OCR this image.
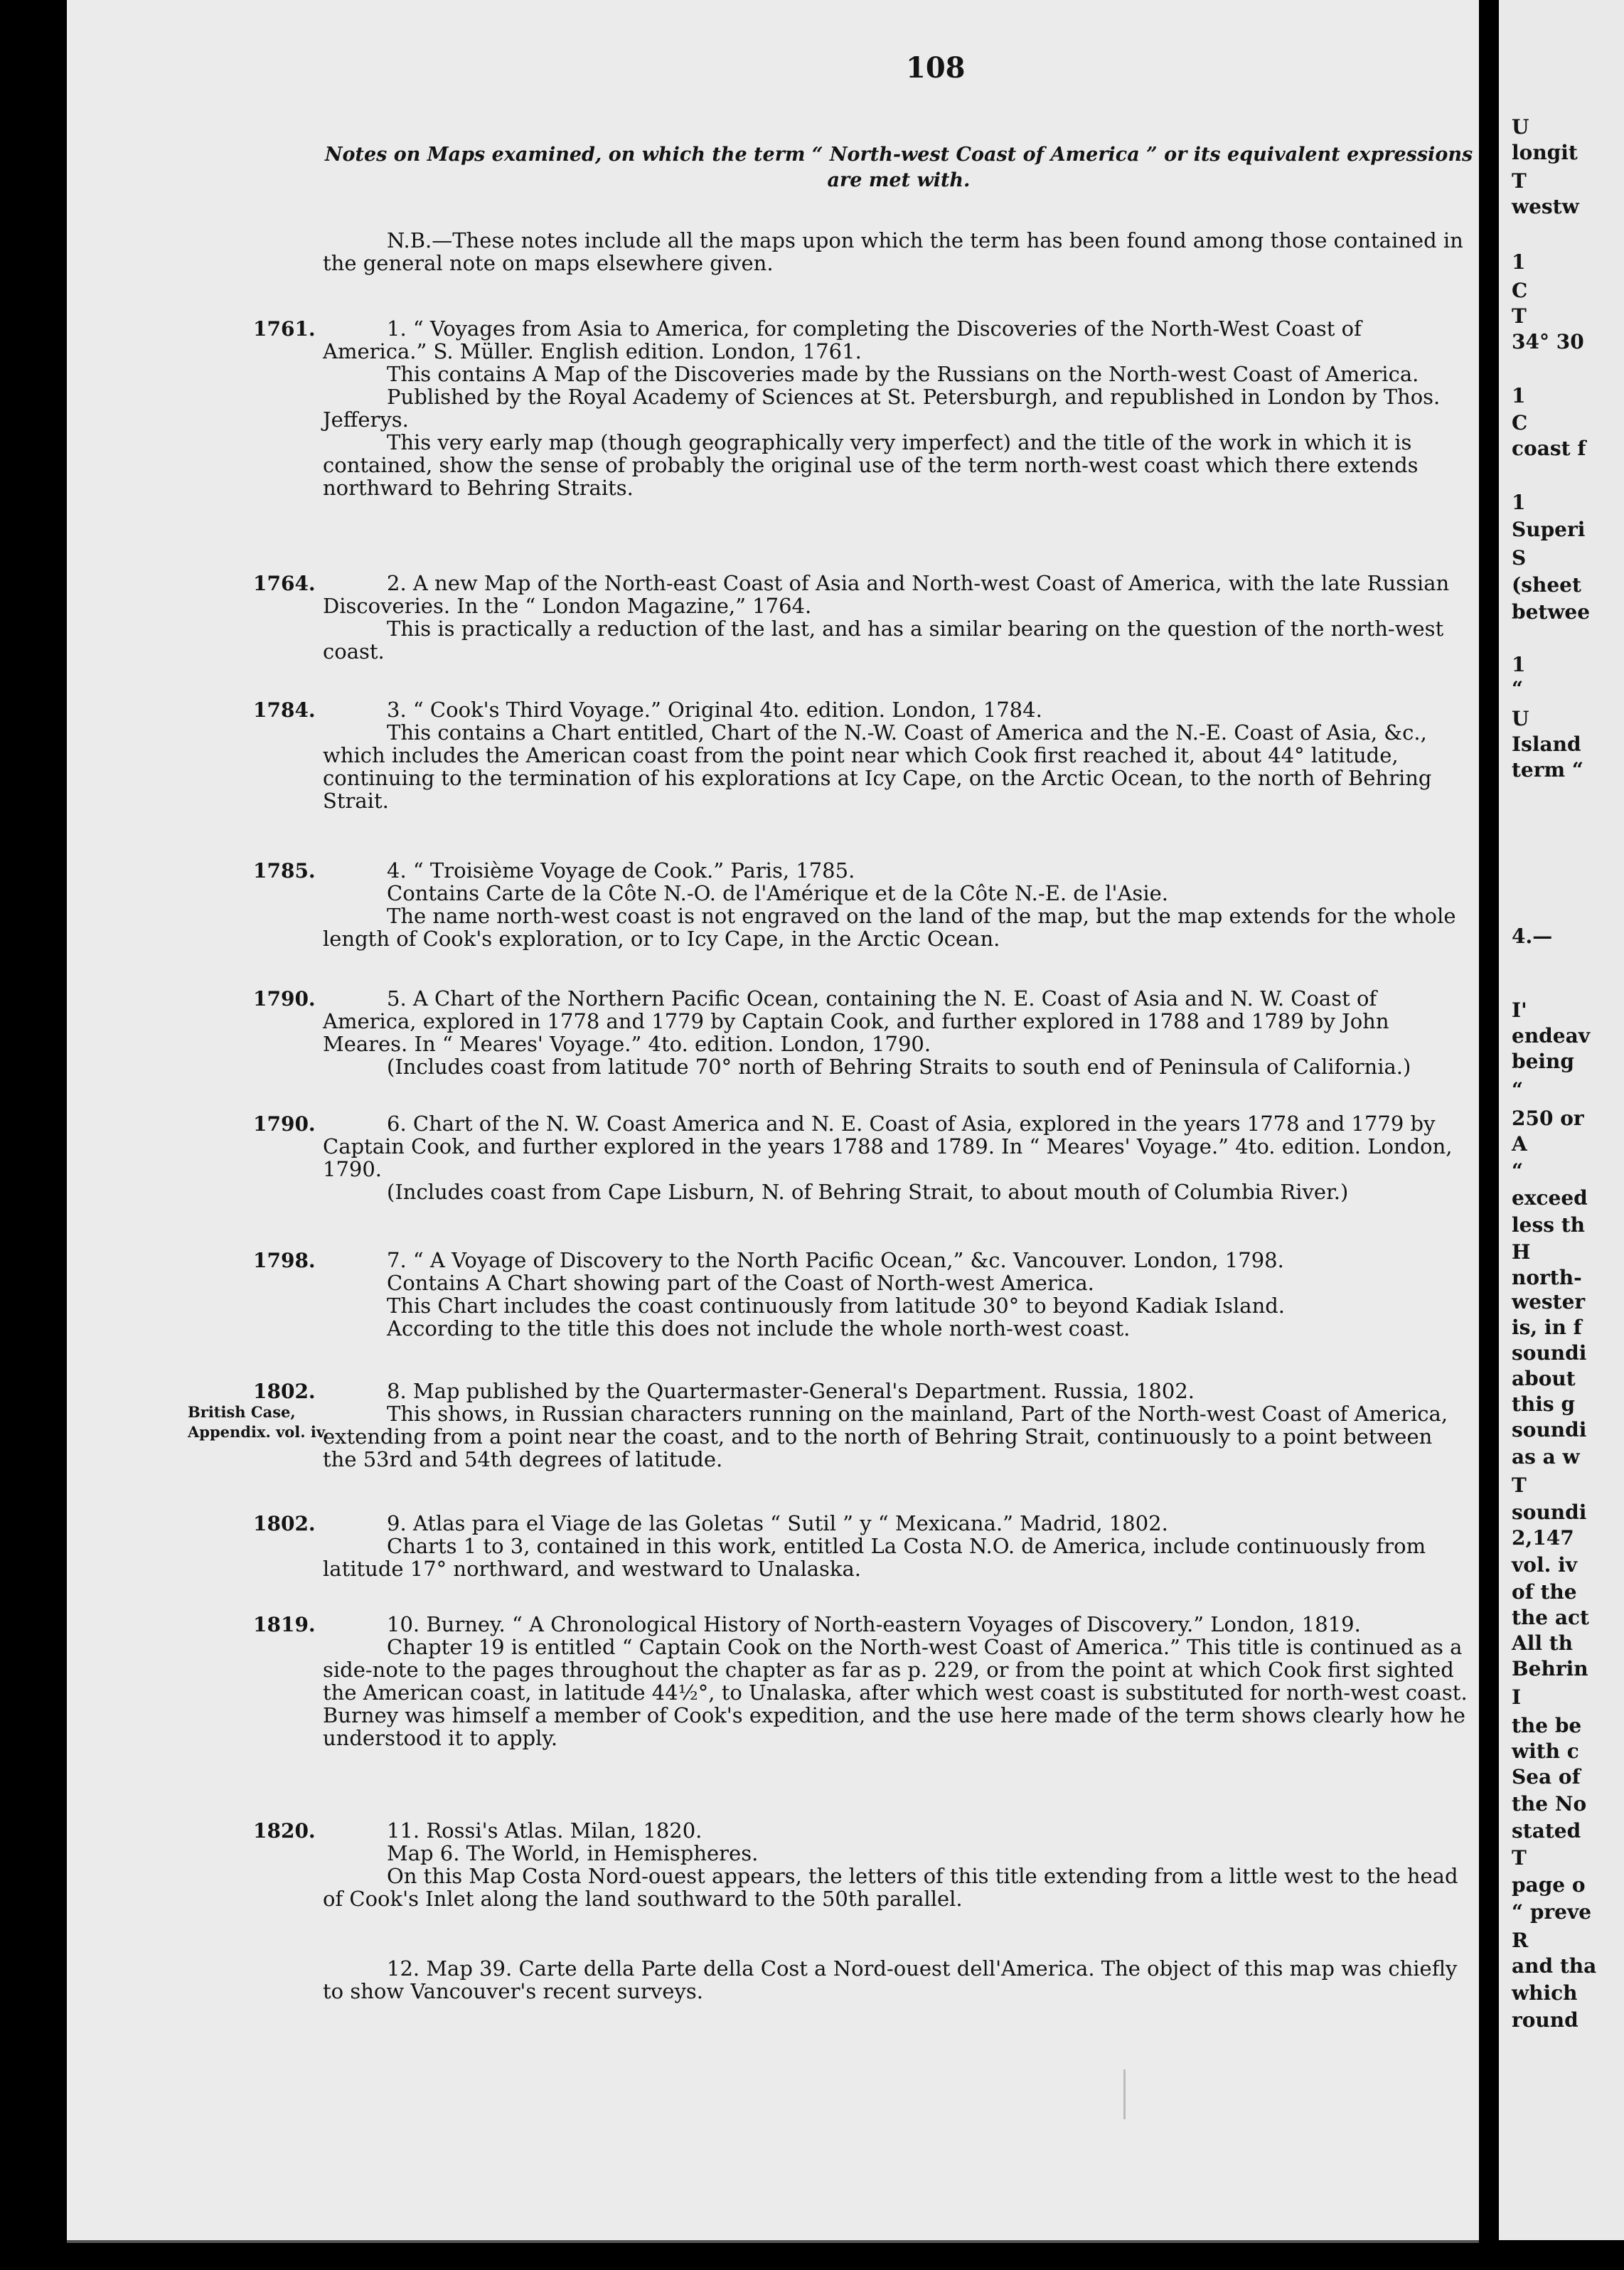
108
Notes on Maps examined, on which the term “ North-west Coast of America ” or its equivalent expressions are met with.
N.B.—These notes include all the maps upon which the term has been found among those contained in the general note on maps elsewhere given.
British Case, Appendix. vol. iv.
1761.	1. “ Voyages from Asia to America, for completing the Discoveries of the North-West Coast of America.” S. Müller. English edition. London, 1761.

This contains A Map of the Discoveries made by the Russians on the North-west Coast of America.

Published by the Royal Academy of Sciences at St. Petersburgh, and republished in London by Thos. Jefferys.

This very early map (though geographically very imperfect) and the title of the work in which it is contained, show the sense of probably the original use of the term north-west coast which there extends northward to Behring Straits.

1764.	2. A new Map of the North-east Coast of Asia and North-west Coast of America, with the late Russian Discoveries. In the “ London Magazine,” 1764.

This is practically a reduction of the last, and has a similar bearing on the question of the north-west coast.

1784.	3. “ Cook's Third Voyage.” Original 4to. edition. London, 1784.

This contains a Chart entitled, Chart of the N.-W. Coast of America and the N.-E. Coast of Asia, &c., which includes the American coast from the point near which Cook first reached it, about 44° latitude, continuing to the termination of his explorations at Icy Cape, on the Arctic Ocean, to the north of Behring Strait.

1785.	4. “ Troisième Voyage de Cook.” Paris, 1785.

Contains Carte de la Côte N.-O. de l'Amérique et de la Côte N.-E. de l'Asie.

The name north-west coast is not engraved on the land of the map, but the map extends for the whole length of Cook's exploration, or to Icy Cape, in the Arctic Ocean.

1790.	5. A Chart of the Northern Pacific Ocean, containing the N. E. Coast of Asia and N. W. Coast of America, explored in 1778 and 1779 by Captain Cook, and further explored in 1788 and 1789 by John Meares. In “ Meares' Voyage.” 4to. edition. London, 1790.

(Includes coast from latitude 70° north of Behring Straits to south end of Peninsula of California.)

1790.	6. Chart of the N. W. Coast America and N. E. Coast of Asia, explored in the years 1778 and 1779 by Captain Cook, and further explored in the years 1788 and 1789. In “ Meares' Voyage.” 4to. edition. London, 1790.

(Includes coast from Cape Lisburn, N. of Behring Strait, to about mouth of Columbia River.)

1798.	7. “ A Voyage of Discovery to the North Pacific Ocean,” &c. Vancouver. London, 1798.

Contains A Chart showing part of the Coast of North-west America.

This Chart includes the coast continuously from latitude 30° to beyond Kadiak Island.

According to the title this does not include the whole north-west coast.

1802.	8. Map published by the Quartermaster-General's Department. Russia, 1802.

This shows, in Russian characters running on the mainland, Part of the North-west Coast of America, extending from a point near the coast, and to the north of Behring Strait, continuously to a point between the 53rd and 54th degrees of latitude.

1802.	9. Atlas para el Viage de las Goletas “ Sutil ” y “ Mexicana.” Madrid, 1802.

Charts 1 to 3, contained in this work, entitled La Costa N.O. de America, include continuously from latitude 17° northward, and westward to Unalaska.

1819.	10. Burney. “ A Chronological History of North-eastern Voyages of Discovery.” London, 1819.

Chapter 19 is entitled “ Captain Cook on the North-west Coast of America.” This title is continued as a side-note to the pages throughout the chapter as far as p. 229, or from the point at which Cook first sighted the American coast, in latitude 44½°, to Unalaska, after which west coast is substituted for north-west coast. Burney was himself a member of Cook's expedition, and the use here made of the term shows clearly how he understood it to apply.

1820.	11. Rossi's Atlas. Milan, 1820.

Map 6. The World, in Hemispheres.

On this Map Costa Nord-ouest appears, the letters of this title extending from a little west to the head of Cook's Inlet along the land southward to the 50th parallel.

12. Map 39. Carte della Parte della Cost a Nord-ouest dell'America. The object of this map was chiefly to show Vancouver's recent surveys.

U
longit
T
westw
1
C
T
34° 30
1
C
coast f
1
Superi
S
(sheet
betwee
1
“
U
Island
term “
4.—
I'
endeav
being
“
250 or
A
“
exceed
less th
H
north-
wester
is, in f
soundi
about
this g
soundi
as a w
T
soundi
2,147
vol. iv
of the
the act
All th
Behrin
I
the be
with c
Sea of
the No
stated
T
page o
“ preve
R
and tha
which
round
